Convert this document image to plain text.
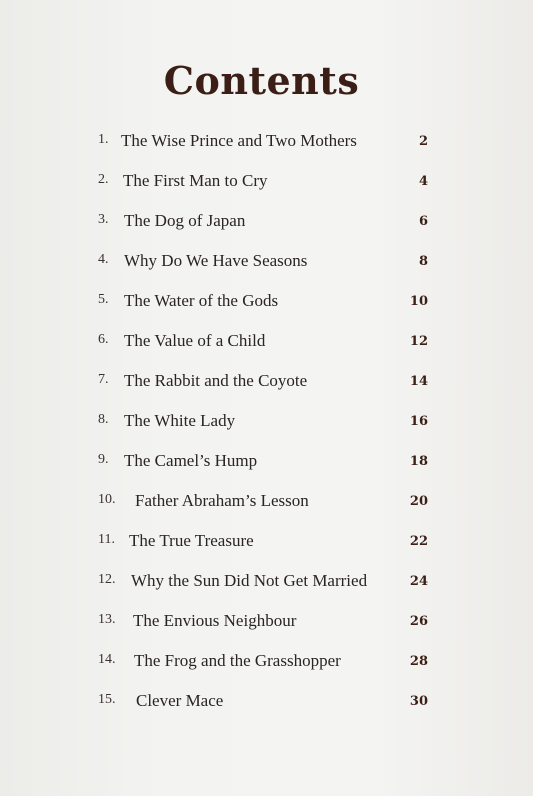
Contents
1. The Wise Prince and Two Mothers	2
2. The First Man to Cry	4
3. The Dog of Japan	6
4. Why Do We Have Seasons	8
5. The Water of the Gods	10
6. The Value of a Child	12
7. The Rabbit and the Coyote	14
8. The White Lady	16
9. The Camel’s Hump	18
10. Father Abraham’s Lesson	20
11. The True Treasure	22
12. Why the Sun Did Not Get Married	24
13. The Envious Neighbour	26
14. The Frog and the Grasshopper	28
15. Clever Mace	30
